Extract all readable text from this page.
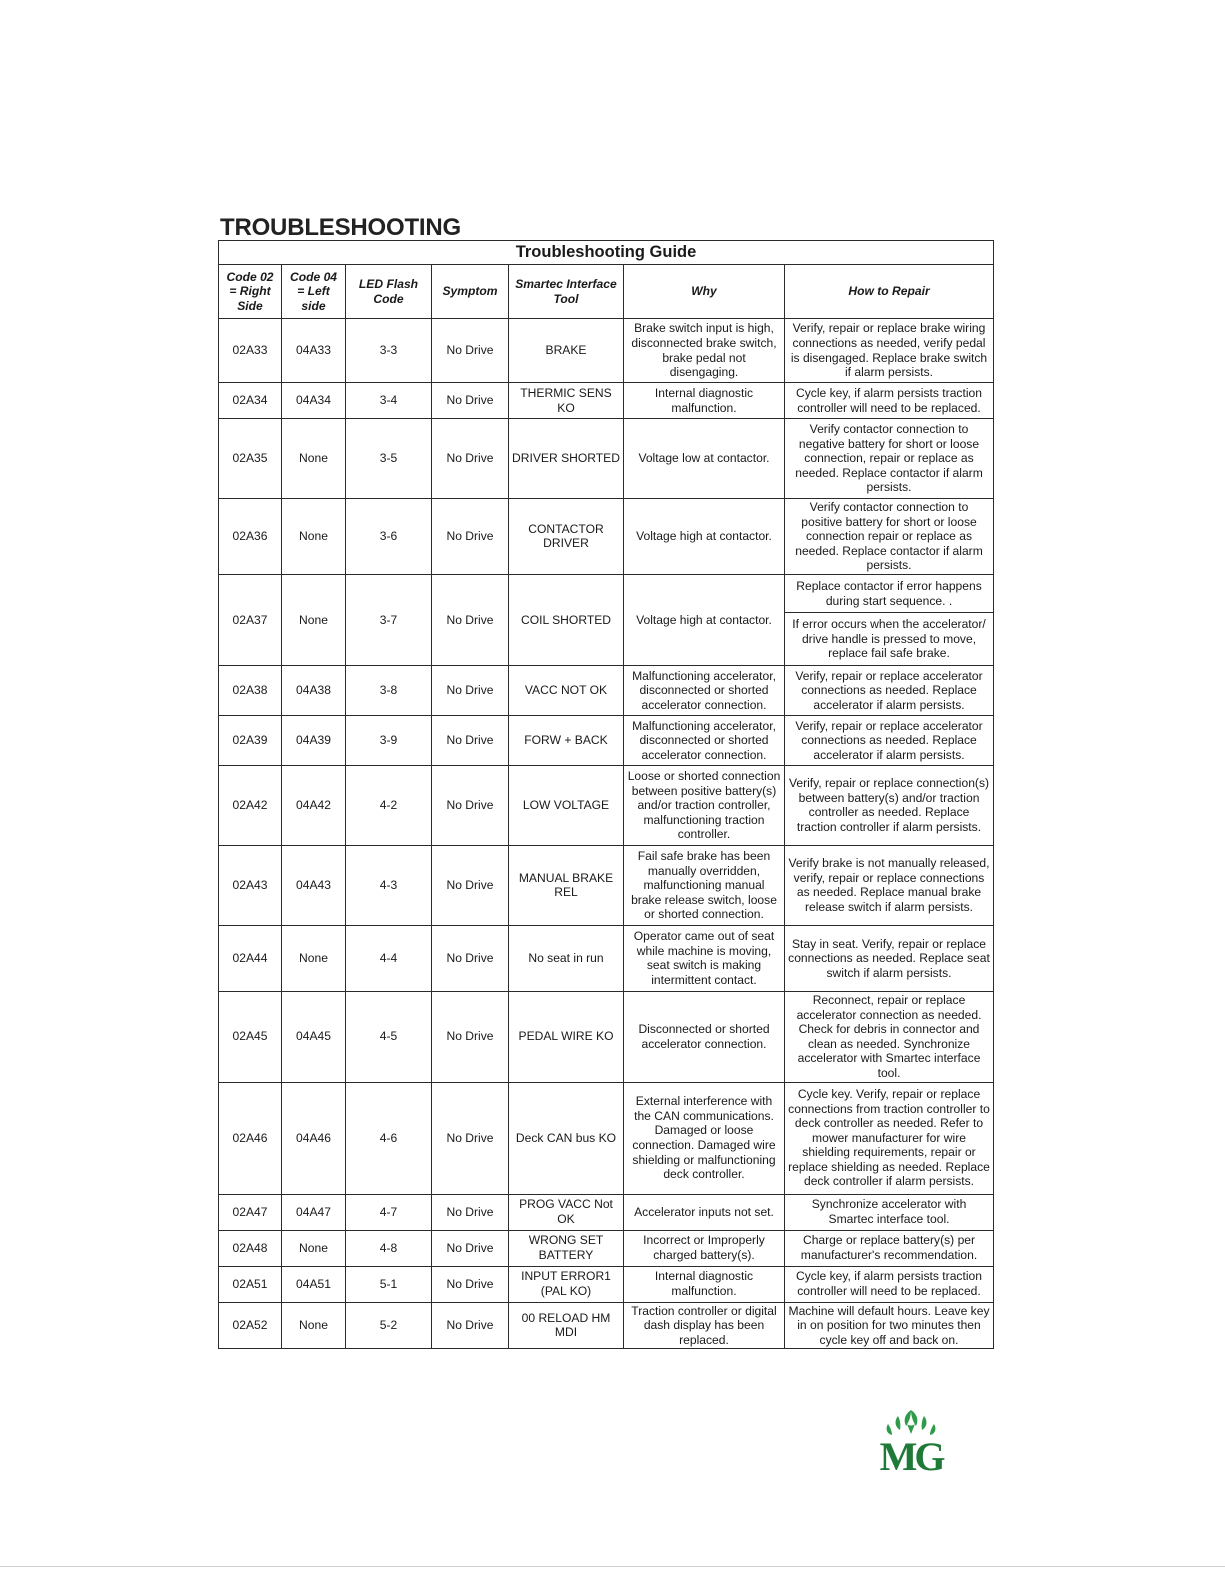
TROUBLESHOOTING
Troubleshooting Guide						
Code 02 = Right Side	Code 04 = Left side	LED Flash Code	Symptom	Smartec Interface Tool	Why	How to Repair
02A33	04A33	3-3	No Drive	BRAKE	Brake switch input is high, disconnected brake switch, brake pedal not disengaging.	Verify, repair or replace brake wiring connections as needed, verify pedal is disengaged. Replace brake switch if alarm persists.

02A34	04A34	3-4	No Drive	THERMIC SENS KO	Internal diagnostic malfunction.	Cycle key, if alarm persists traction controller will need to be replaced.

02A35	None	3-5	No Drive	DRIVER SHORTED	Voltage low at contactor.	Verify contactor connection to negative battery for short or loose connection, repair or replace as needed. Replace contactor if alarm persists.

02A36	None	3-6	No Drive	CONTACTOR DRIVER	Voltage high at contactor.	Verify contactor connection to positive battery for short or loose connection repair or replace as needed. Replace contactor if alarm persists.

02A37	None	3-7	No Drive	COIL SHORTED	Voltage high at contactor.	Replace contactor if error happens during start sequence. .
If error occurs when the accelerator/ drive handle is pressed to move, replace fail safe brake.

02A38	04A38	3-8	No Drive	VACC NOT OK	Malfunctioning accelerator, disconnected or shorted accelerator connection.	Verify, repair or replace accelerator connections as needed. Replace accelerator if alarm persists.

02A39	04A39	3-9	No Drive	FORW + BACK	Malfunctioning accelerator, disconnected or shorted accelerator connection.	Verify, repair or replace accelerator connections as needed. Replace accelerator if alarm persists.

02A42	04A42	4-2	No Drive	LOW VOLTAGE	Loose or shorted connection between positive battery(s) and/or traction controller, malfunctioning traction controller.	Verify, repair or replace connection(s) between battery(s) and/or traction controller as needed. Replace traction controller if alarm persists.

02A43	04A43	4-3	No Drive	MANUAL BRAKE REL	Fail safe brake has been manually overridden, malfunctioning manual brake release switch, loose or shorted connection.	Verify brake is not manually released, verify, repair or replace connections as needed. Replace manual brake release switch if alarm persists.

02A44	None	4-4	No Drive	No seat in run	Operator came out of seat while machine is moving, seat switch is making intermittent contact.	Stay in seat. Verify, repair or replace connections as needed. Replace seat switch if alarm persists.

02A45	04A45	4-5	No Drive	PEDAL WIRE KO	Disconnected or shorted accelerator connection.	Reconnect, repair or replace accelerator connection as needed. Check for debris in connector and clean as needed. Synchronize accelerator with Smartec interface tool.

02A46	04A46	4-6	No Drive	Deck CAN bus KO	External interference with the CAN communications. Damaged or loose connection. Damaged wire shielding or malfunctioning deck controller.	Cycle key. Verify, repair or replace connections from traction controller to deck controller as needed. Refer to mower manufacturer for wire shielding requirements, repair or replace shielding as needed. Replace deck controller if alarm persists.

02A47	04A47	4-7	No Drive	PROG VACC Not OK	Accelerator inputs not set.	Synchronize accelerator with Smartec interface tool.

02A48	None	4-8	No Drive	WRONG SET BATTERY	Incorrect or Improperly charged battery(s).	Charge or replace battery(s) per manufacturer's recommendation.

02A51	04A51	5-1	No Drive	INPUT ERROR1 (PAL KO)	Internal diagnostic malfunction.	Cycle key, if alarm persists traction controller will need to be replaced.

02A52	None	5-2	No Drive	00 RELOAD HM MDI	Traction controller or digital dash display has been replaced.	Machine will default hours. Leave key in on position for two minutes then cycle key off and back on.
MG
